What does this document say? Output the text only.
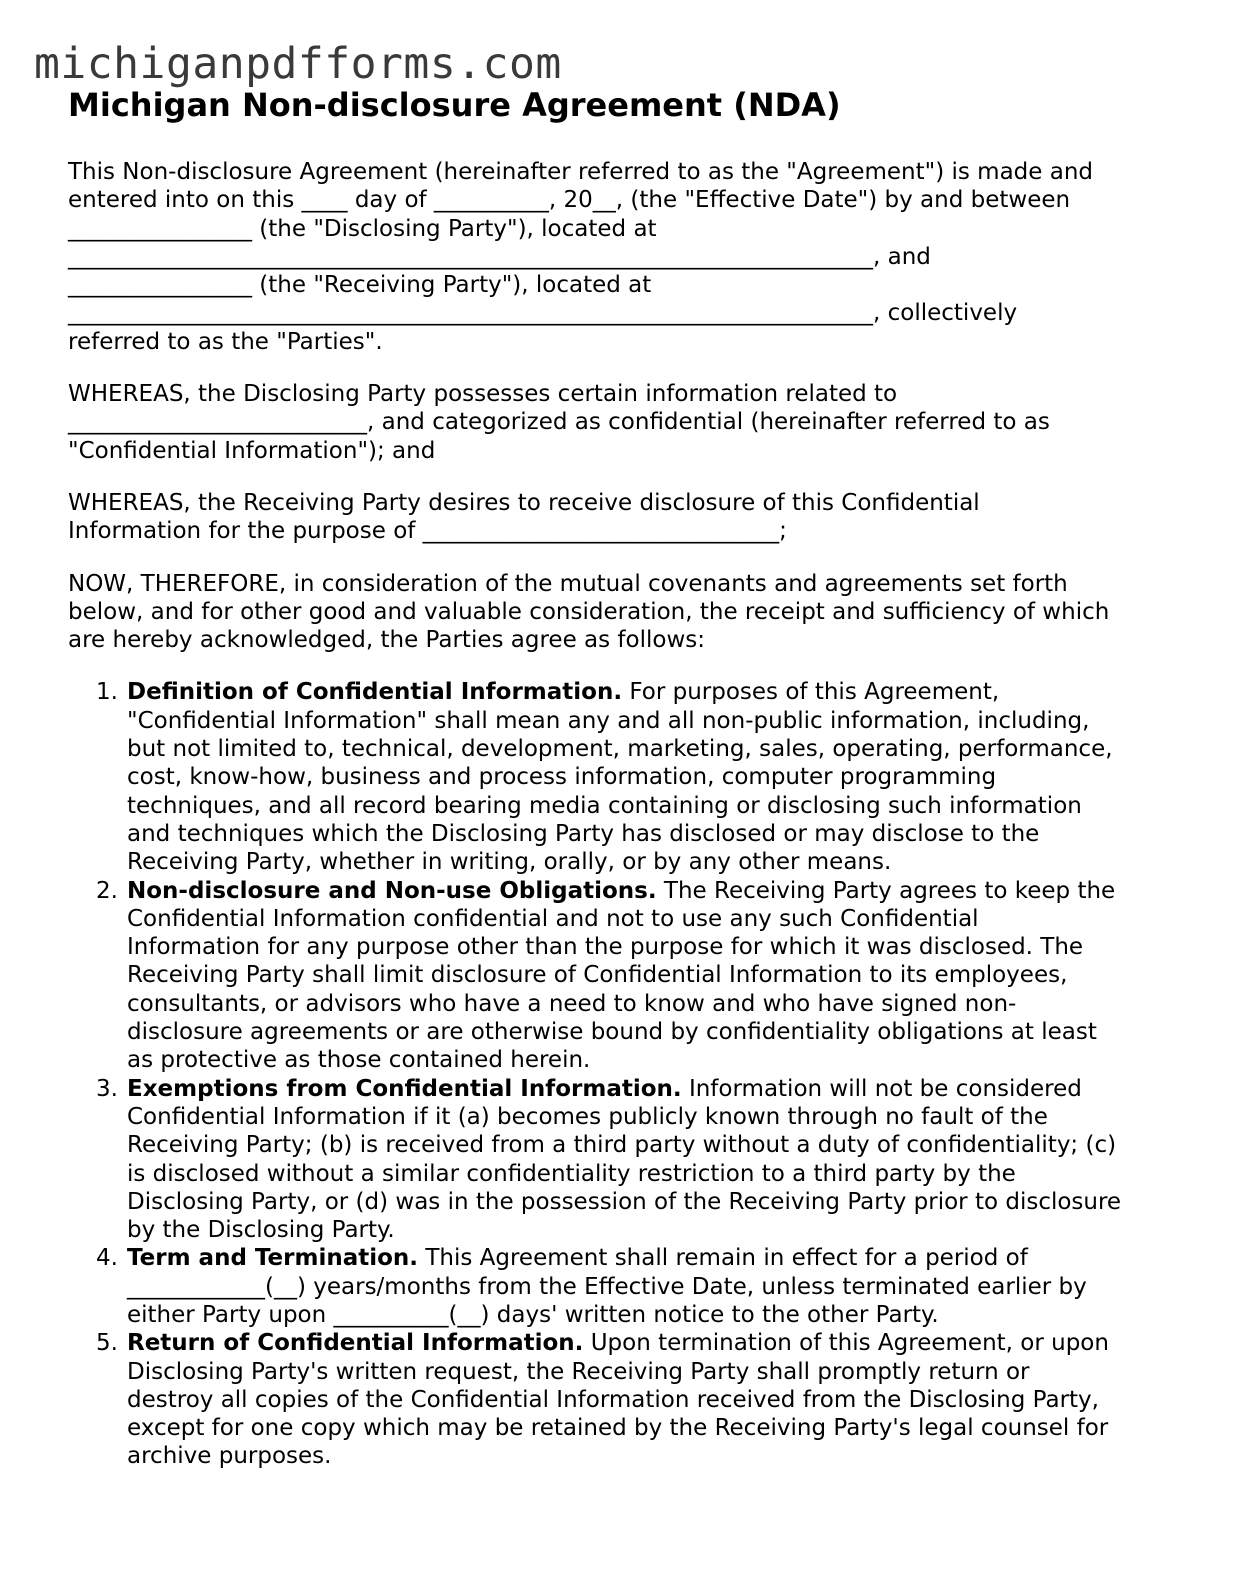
michiganpdfforms.com
Michigan Non-disclosure Agreement (NDA)

This Non-disclosure Agreement (hereinafter referred to as the "Agreement") is made and
entered into on this ____ day of __________, 20__, (the "Effective Date") by and between
________________ (the "Disclosing Party"), located at
______________________________________________________________________, and
________________ (the "Receiving Party"), located at
______________________________________________________________________, collectively
referred to as the "Parties".

WHEREAS, the Disclosing Party possesses certain information related to
__________________________, and categorized as confidential (hereinafter referred to as
"Confidential Information"); and

WHEREAS, the Receiving Party desires to receive disclosure of this Confidential
Information for the purpose of _______________________________;

NOW, THEREFORE, in consideration of the mutual covenants and agreements set forth
below, and for other good and valuable consideration, the receipt and sufficiency of which
are hereby acknowledged, the Parties agree as follows:

1. Definition of Confidential Information. For purposes of this Agreement,
"Confidential Information" shall mean any and all non-public information, including,
but not limited to, technical, development, marketing, sales, operating, performance,
cost, know-how, business and process information, computer programming
techniques, and all record bearing media containing or disclosing such information
and techniques which the Disclosing Party has disclosed or may disclose to the
Receiving Party, whether in writing, orally, or by any other means.
2. Non-disclosure and Non-use Obligations. The Receiving Party agrees to keep the
Confidential Information confidential and not to use any such Confidential
Information for any purpose other than the purpose for which it was disclosed. The
Receiving Party shall limit disclosure of Confidential Information to its employees,
consultants, or advisors who have a need to know and who have signed non-
disclosure agreements or are otherwise bound by confidentiality obligations at least
as protective as those contained herein.
3. Exemptions from Confidential Information. Information will not be considered
Confidential Information if it (a) becomes publicly known through no fault of the
Receiving Party; (b) is received from a third party without a duty of confidentiality; (c)
is disclosed without a similar confidentiality restriction to a third party by the
Disclosing Party, or (d) was in the possession of the Receiving Party prior to disclosure
by the Disclosing Party.
4. Term and Termination. This Agreement shall remain in effect for a period of
____________(__) years/months from the Effective Date, unless terminated earlier by
either Party upon __________(__) days' written notice to the other Party.
5. Return of Confidential Information. Upon termination of this Agreement, or upon
Disclosing Party's written request, the Receiving Party shall promptly return or
destroy all copies of the Confidential Information received from the Disclosing Party,
except for one copy which may be retained by the Receiving Party's legal counsel for
archive purposes.
